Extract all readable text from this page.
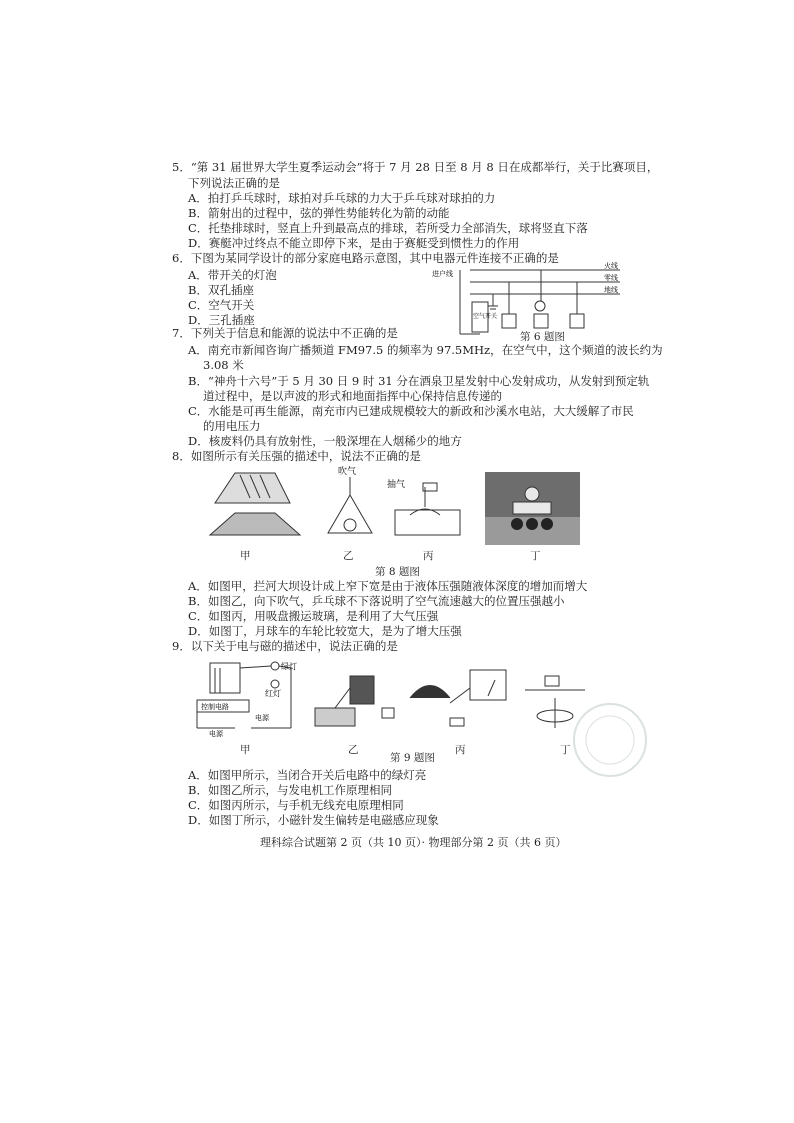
5．“第 31 届世界大学生夏季运动会”将于 7 月 28 日至 8 月 8 日在成都举行，关于比赛项目，
下列说法正确的是
A．拍打乒乓球时，球拍对乒乓球的力大于乒乓球对球拍的力
B．箭射出的过程中，弦的弹性势能转化为箭的动能
C．托垫排球时，竖直上升到最高点的排球，若所受力全部消失，球将竖直下落
D．赛艇冲过终点不能立即停下来，是由于赛艇受到惯性力的作用
6．下图为某同学设计的部分家庭电路示意图，其中电器元件连接不正确的是
A．带开关的灯泡
B．双孔插座
C．空气开关
D．三孔插座
进户线
火线
零线
地线
空气开关
第 6 题图
7．下列关于信息和能源的说法中不正确的是
A．南充市新闻咨询广播频道 FM97.5 的频率为 97.5MHz，在空气中，这个频道的波长约为
3.08 米
B．“神舟十六号”于 5 月 30 日 9 时 31 分在酒泉卫星发射中心发射成功，从发射到预定轨
道过程中，是以声波的形式和地面指挥中心保持信息传递的
C．水能是可再生能源，南充市内已建成规模较大的新政和沙溪水电站，大大缓解了市民
的用电压力
D．核废料仍具有放射性，一般深埋在人烟稀少的地方
8．如图所示有关压强的描述中，说法不正确的是
吹气
抽气
甲	乙	丙	丁
第 8 题图
A．如图甲，拦河大坝设计成上窄下宽是由于液体压强随液体深度的增加而增大
B．如图乙，向下吹气，乒乓球不下落说明了空气流速越大的位置压强越小
C．如图丙，用吸盘搬运玻璃，是利用了大气压强
D．如图丁，月球车的车轮比较宽大，是为了增大压强
9．以下关于电与磁的描述中，说法正确的是
绿灯
红灯
控制电路
电源
电源
甲	乙	丙	丁
第 9 题图
A．如图甲所示，当闭合开关后电路中的绿灯亮
B．如图乙所示，与发电机工作原理相同
C．如图丙所示，与手机无线充电原理相同
D．如图丁所示，小磁针发生偏转是电磁感应现象
理科综合试题第 2 页（共 10 页）· 物理部分第 2 页（共 6 页）
